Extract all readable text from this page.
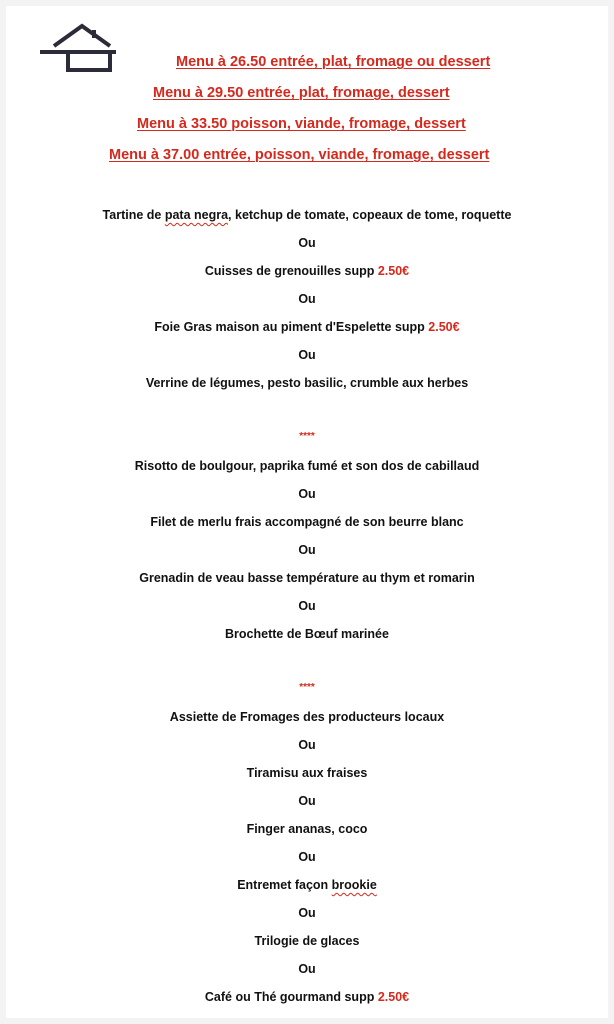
Menu à 26.50 entrée, plat, fromage ou dessert
Menu à 29.50 entrée, plat, fromage, dessert
Menu à 33.50 poisson, viande, fromage, dessert
Menu à 37.00 entrée, poisson, viande, fromage, dessert
Tartine de pata negra, ketchup de tomate, copeaux de tome, roquette
Ou
Cuisses de grenouilles supp 2.50€
Ou
Foie Gras maison au piment d'Espelette supp 2.50€
Ou
Verrine de légumes, pesto basilic, crumble aux herbes
****
Risotto de boulgour, paprika fumé et son dos de cabillaud
Ou
Filet de merlu frais accompagné de son beurre blanc
Ou
Grenadin de veau basse température au thym et romarin
Ou
Brochette de Bœuf marinée
****
Assiette de Fromages des producteurs locaux
Ou
Tiramisu aux fraises
Ou
Finger ananas, coco
Ou
Entremet façon brookie
Ou
Trilogie de glaces
Ou
Café ou Thé gourmand supp 2.50€
